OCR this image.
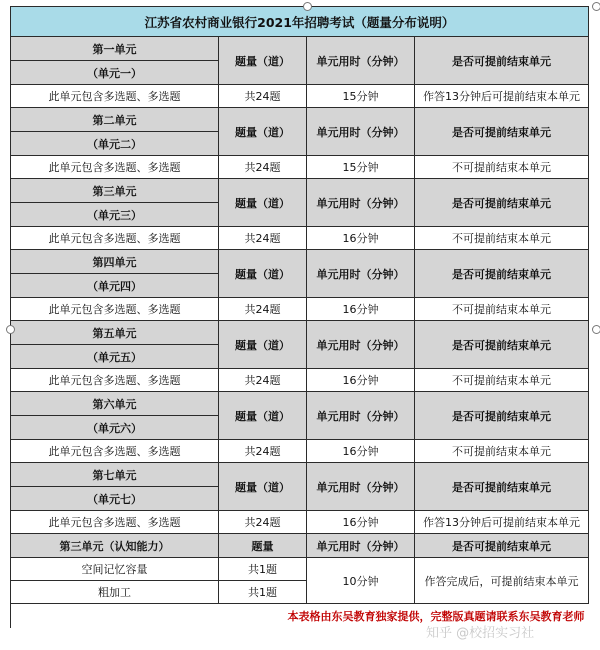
江苏省农村商业银行2021年招聘考试（题量分布说明）			
第一单元	题量（道）	单元用时（分钟）	是否可提前结束单元
（单元一）			
此单元包含多选题、多选题	共24题	15分钟	作答13分钟后可提前结束本单元
第二单元	题量（道）	单元用时（分钟）	是否可提前结束单元
（单元二）			
此单元包含多选题、多选题	共24题	15分钟	不可提前结束本单元
第三单元	题量（道）	单元用时（分钟）	是否可提前结束单元
（单元三）			
此单元包含多选题、多选题	共24题	16分钟	不可提前结束本单元
第四单元	题量（道）	单元用时（分钟）	是否可提前结束单元
（单元四）			
此单元包含多选题、多选题	共24题	16分钟	不可提前结束本单元
第五单元	题量（道）	单元用时（分钟）	是否可提前结束单元
（单元五）			
此单元包含多选题、多选题	共24题	16分钟	不可提前结束本单元
第六单元	题量（道）	单元用时（分钟）	是否可提前结束单元
（单元六）			
此单元包含多选题、多选题	共24题	16分钟	不可提前结束本单元
第七单元	题量（道）	单元用时（分钟）	是否可提前结束单元
（单元七）			
此单元包含多选题、多选题	共24题	16分钟	作答13分钟后可提前结束本单元
第三单元（认知能力）	题量	单元用时（分钟）	是否可提前结束单元
空间记忆容量	共1题	10分钟	作答完成后，可提前结束本单元
粗加工	共1题		
本表格由东吴教育独家提供，完整版真题请联系东吴教育老师			
知乎 @校招实习社
